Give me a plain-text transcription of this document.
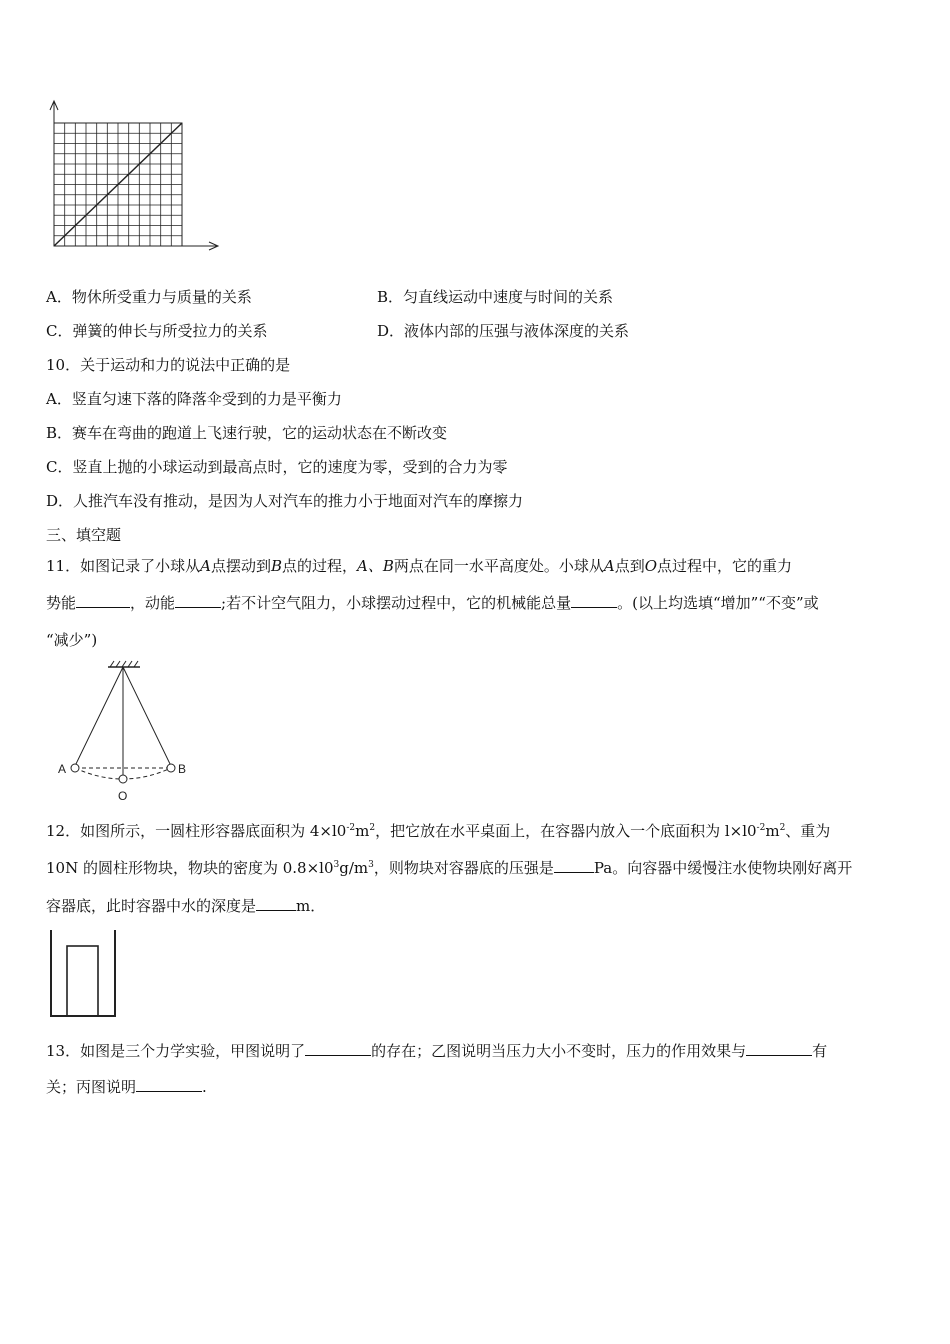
A．物休所受重力与质量的关系	B．匀直线运动中速度与时间的关系
C．弹簧的伸长与所受拉力的关系	D．液体内部的压强与液体深度的关系
10．关于运动和力的说法中正确的是
A．竖直匀速下落的降落伞受到的力是平衡力
B．赛车在弯曲的跑道上飞速行驶，它的运动状态在不断改变
C．竖直上抛的小球运动到最高点时，它的速度为零，受到的合力为零
D．人推汽车没有推动，是因为人对汽车的推力小于地面对汽车的摩擦力
三、填空题
11．如图记录了小球从A点摆动到B点的过程，A、B两点在同一水平高度处。小球从A点到O点过程中，它的重力
势能	，动能	;若不计空气阻力，小球摆动过程中，它的机械能总量	。(以上均选填“增加”“不变”或
“减少”)
A	B
O
12．如图所示，一圆柱形容器底面积为 $4\times l0^{-2}m^2$，把它放在水平桌面上，在容器内放入一个底面积为 $l\times l0^{-2}m^2$、重为
10N 的圆柱形物块，物块的密度为 $0.8\times l0^3g/m^3$，则物块对容器底的压强是	Pa。向容器中缓慢注水使物块刚好离开
容器底，此时容器中水的深度是	m．
13．如图是三个力学实验，甲图说明了	的存在；乙图说明当压力大小不变时，压力的作用效果与	有
关；丙图说明	.
